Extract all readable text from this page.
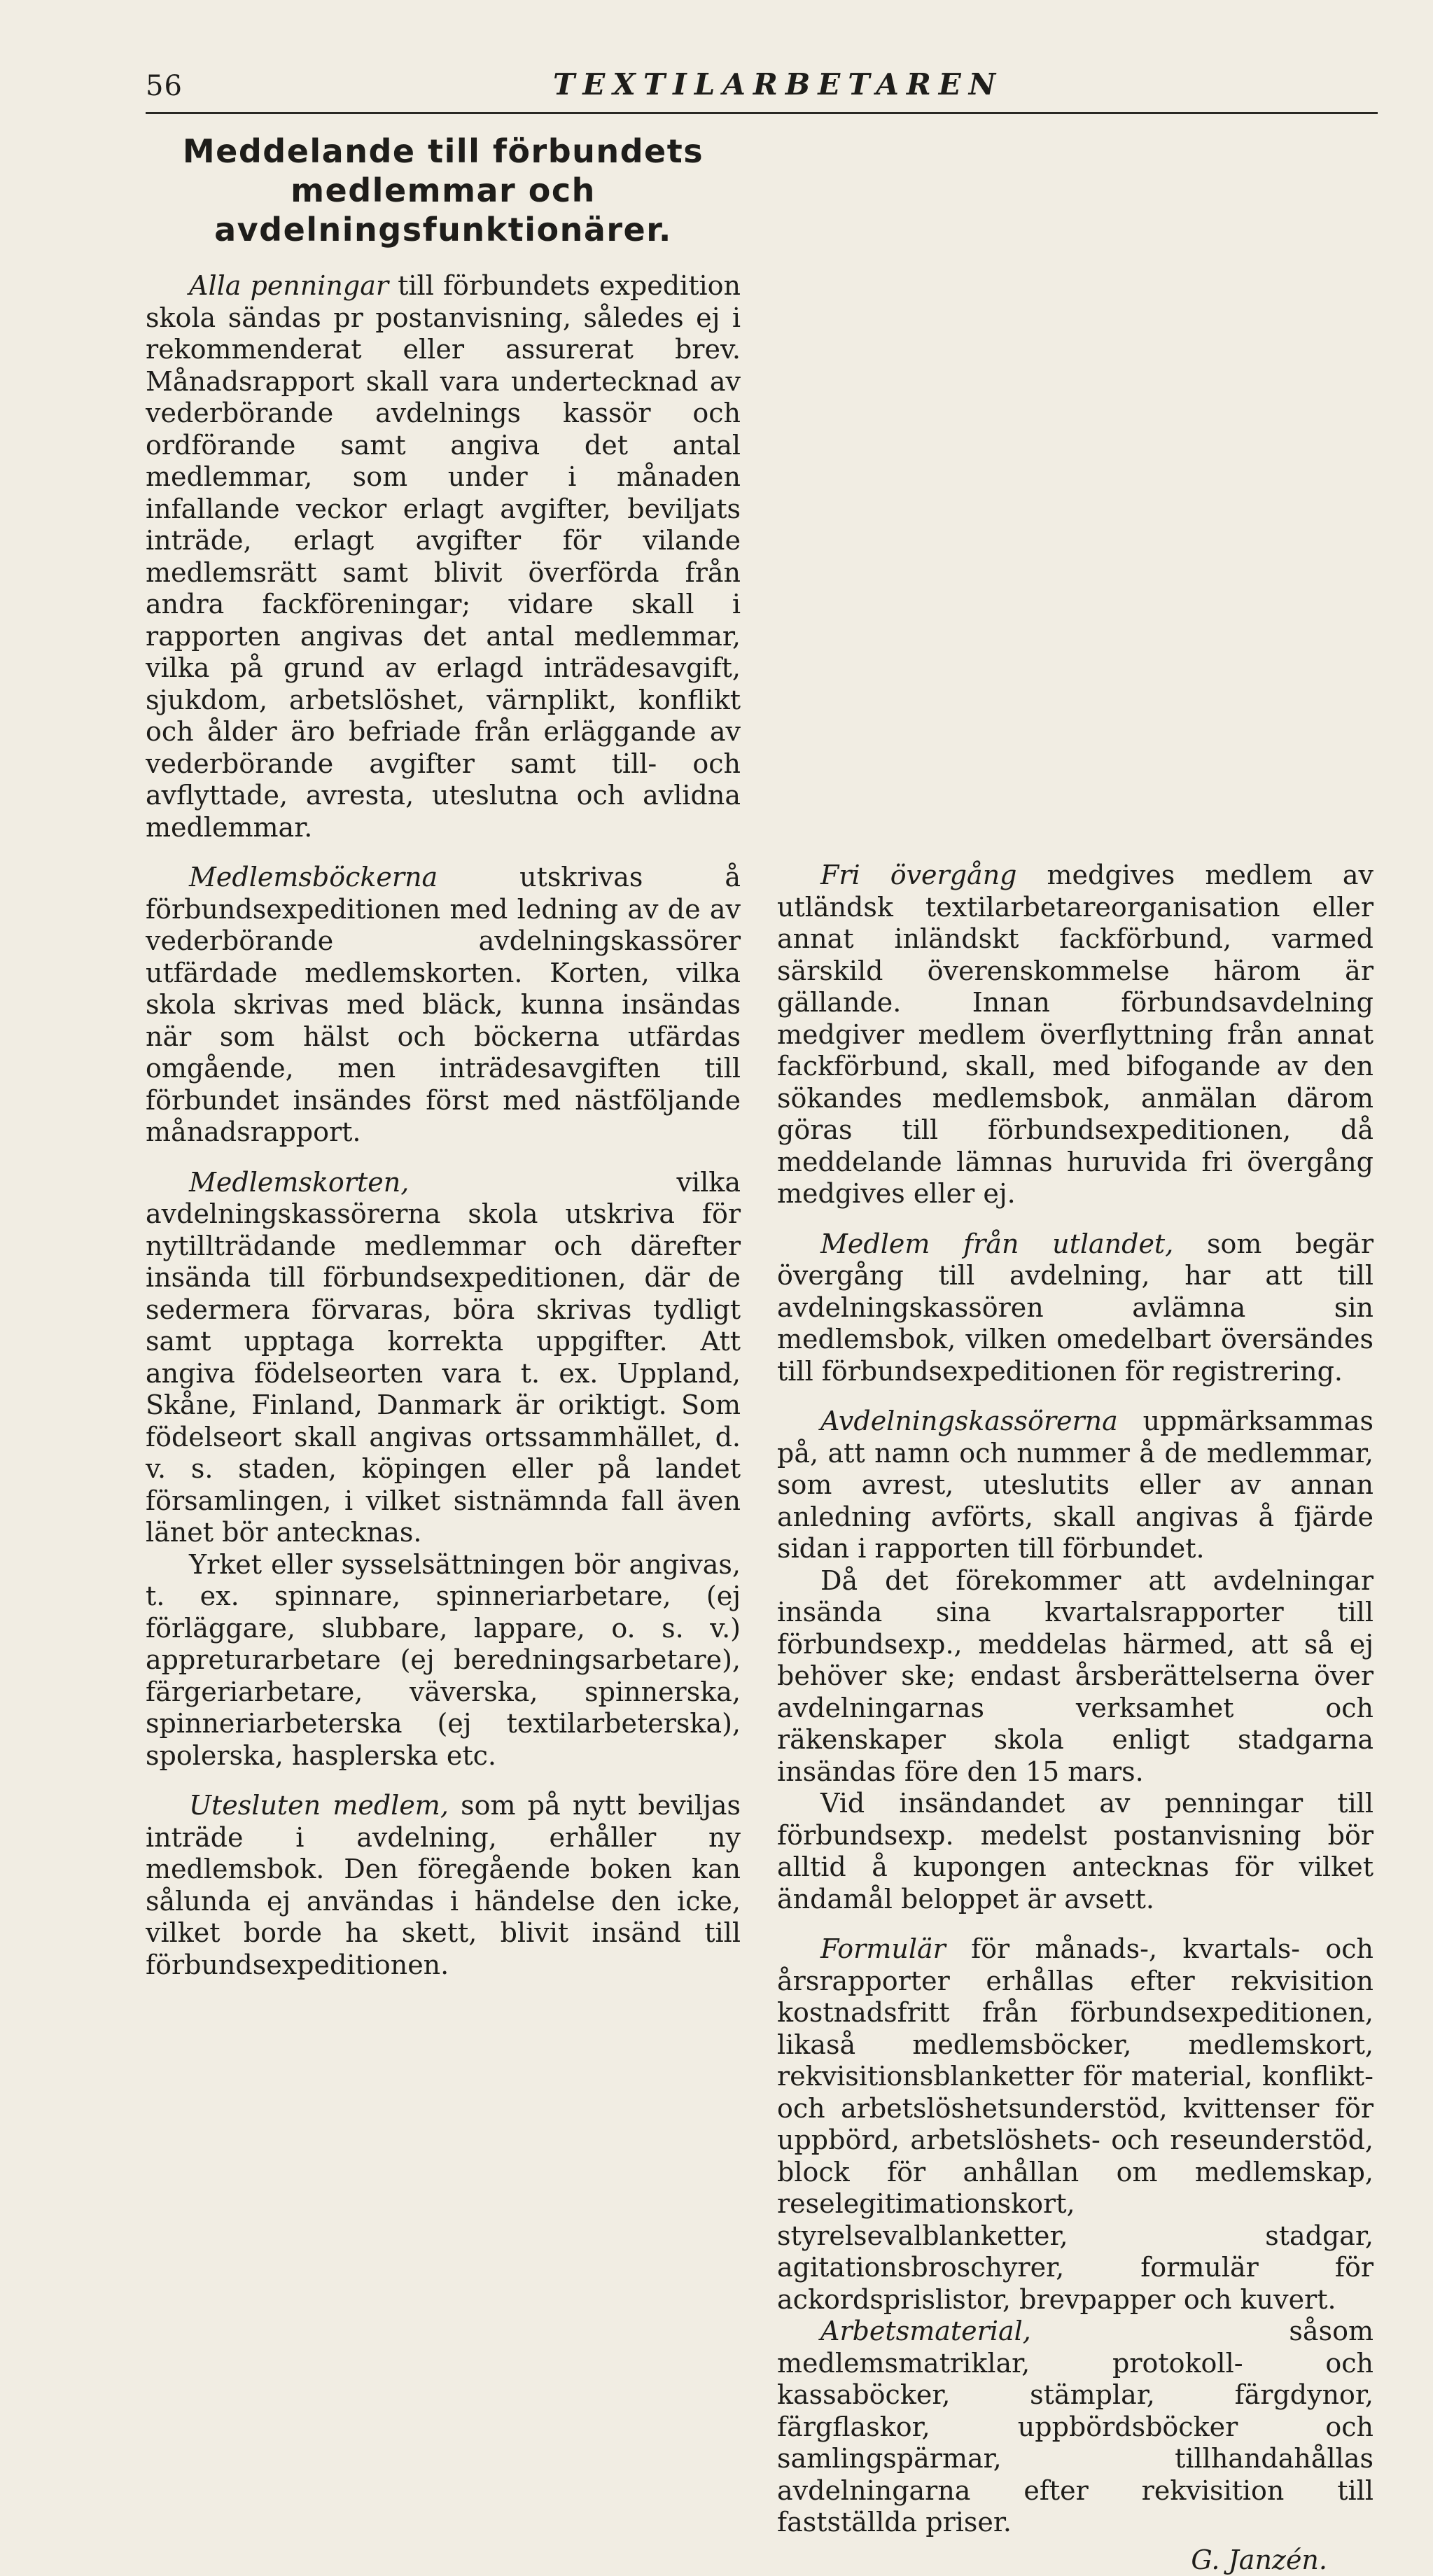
56	TEXTILARBETAREN
Meddelande till förbundets medlemmar och avdelningsfunktionärer.

Alla penningar till förbundets expedition skola sändas pr postanvisning, således ej i rekommenderat eller assurerat brev. Månadsrapport skall vara undertecknad av vederbörande avdelnings kassör och ordförande samt angiva det antal medlemmar, som under i månaden infallande veckor erlagt avgifter, beviljats inträde, erlagt avgifter för vilande medlemsrätt samt blivit överförda från andra fackföreningar; vidare skall i rapporten angivas det antal medlemmar, vilka på grund av erlagd inträdesavgift, sjukdom, arbetslöshet, värnplikt, konflikt och ålder äro befriade från erläggande av vederbörande avgifter samt till- och avflyttade, avresta, uteslutna och avlidna medlemmar.

Medlemsböckerna utskrivas å förbundsexpeditionen med ledning av de av vederbörande avdelningskassörer utfärdade medlemskorten. Korten, vilka skola skrivas med bläck, kunna insändas när som hälst och böckerna utfärdas omgående, men inträdesavgiften till förbundet insändes först med nästföljande månadsrapport.

Medlemskorten, vilka avdelningskassörerna skola utskriva för nytillträdande medlemmar och därefter insända till förbundsexpeditionen, där de sedermera förvaras, böra skrivas tydligt samt upptaga korrekta uppgifter. Att angiva födelseorten vara t. ex. Uppland, Skåne, Finland, Danmark är oriktigt. Som födelseort skall angivas ortssammhället, d. v. s. staden, köpingen eller på landet församlingen, i vilket sistnämnda fall även länet bör antecknas.

Yrket eller sysselsättningen bör angivas, t. ex. spinnare, spinneriarbetare, (ej förläggare, slubbare, lappare, o. s. v.) appreturarbetare (ej beredningsarbetare), färgeriarbetare, väverska, spinnerska, spinneriarbeterska (ej textilarbeterska), spolerska, hasplerska etc.

Utesluten medlem, som på nytt beviljas inträde i avdelning, erhåller ny medlemsbok. Den föregående boken kan sålunda ej användas i händelse den icke, vilket borde ha skett, blivit insänd till förbundsexpeditionen.

Fri övergång medgives medlem av utländsk textilarbetareorganisation eller annat inländskt fackförbund, varmed särskild överenskommelse härom är gällande. Innan förbundsavdelning medgiver medlem överflyttning från annat fackförbund, skall, med bifogande av den sökandes medlemsbok, anmälan därom göras till förbundsexpeditionen, då meddelande lämnas huruvida fri övergång medgives eller ej.

Medlem från utlandet, som begär övergång till avdelning, har att till avdelningskassören avlämna sin medlemsbok, vilken omedelbart översändes till förbundsexpeditionen för registrering.

Avdelningskassörerna uppmärksammas på, att namn och nummer å de medlemmar, som avrest, uteslutits eller av annan anledning avförts, skall angivas å fjärde sidan i rapporten till förbundet.

Då det förekommer att avdelningar insända sina kvartalsrapporter till förbundsexp., meddelas härmed, att så ej behöver ske; endast årsberättelserna över avdelningarnas verksamhet och räkenskaper skola enligt stadgarna insändas före den 15 mars.

Vid insändandet av penningar till förbundsexp. medelst postanvisning bör alltid å kupongen antecknas för vilket ändamål beloppet är avsett.

Formulär för månads-, kvartals- och årsrapporter erhållas efter rekvisition kostnadsfritt från förbundsexpeditionen, likaså medlemsböcker, medlemskort, rekvisitionsblanketter för material, konflikt- och arbetslöshetsunderstöd, kvittenser för uppbörd, arbetslöshets- och reseunderstöd, block för anhållan om medlemskap, reselegitimationskort, styrelsevalblanketter, stadgar, agitationsbroschyrer, formulär för ackordsprislistor, brevpapper och kuvert.

Arbetsmaterial, såsom medlemsmatriklar, protokoll- och kassaböcker, stämplar, färgdynor, färgflaskor, uppbördsböcker och samlingspärmar, tillhandahållas avdelningarna efter rekvisition till fastställda priser.

G. Janzén.
